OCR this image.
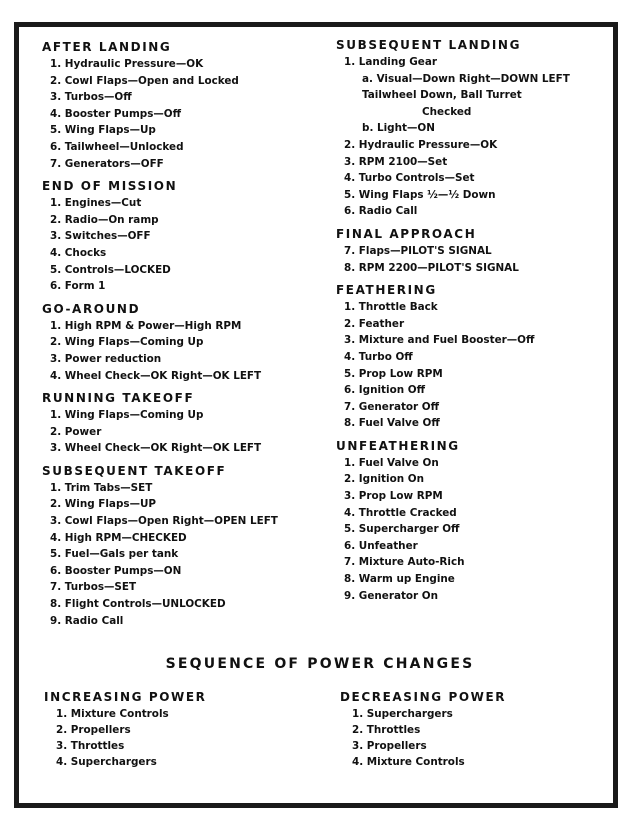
AFTER LANDING
1. Hydraulic Pressure—OK
2. Cowl Flaps—Open and Locked
3. Turbos—Off
4. Booster Pumps—Off
5. Wing Flaps—Up
6. Tailwheel—Unlocked
7. Generators—OFF
END OF MISSION
1. Engines—Cut
2. Radio—On ramp
3. Switches—OFF
4. Chocks
5. Controls—LOCKED
6. Form 1
GO-AROUND
1. High RPM & Power—High RPM
2. Wing Flaps—Coming Up
3. Power reduction
4. Wheel Check—OK Right—OK LEFT
RUNNING TAKEOFF
1. Wing Flaps—Coming Up
2. Power
3. Wheel Check—OK Right—OK LEFT
SUBSEQUENT TAKEOFF
1. Trim Tabs—SET
2. Wing Flaps—UP
3. Cowl Flaps—Open Right—OPEN LEFT
4. High RPM—CHECKED
5. Fuel—Gals per tank
6. Booster Pumps—ON
7. Turbos—SET
8. Flight Controls—UNLOCKED
9. Radio Call
SUBSEQUENT LANDING
1. Landing Gear
a. Visual—Down Right—DOWN LEFT
Tailwheel Down, Ball Turret
Checked
b. Light—ON
2. Hydraulic Pressure—OK
3. RPM 2100—Set
4. Turbo Controls—Set
5. Wing Flaps ½—½ Down
6. Radio Call
FINAL APPROACH
7. Flaps—PILOT'S SIGNAL
8. RPM 2200—PILOT'S SIGNAL
FEATHERING
1. Throttle Back
2. Feather
3. Mixture and Fuel Booster—Off
4. Turbo Off
5. Prop Low RPM
6. Ignition Off
7. Generator Off
8. Fuel Valve Off
UNFEATHERING
1. Fuel Valve On
2. Ignition On
3. Prop Low RPM
4. Throttle Cracked
5. Supercharger Off
6. Unfeather
7. Mixture Auto-Rich
8. Warm up Engine
9. Generator On
SEQUENCE OF POWER CHANGES
INCREASING POWER
1. Mixture Controls
2. Propellers
3. Throttles
4. Superchargers
DECREASING POWER
1. Superchargers
2. Throttles
3. Propellers
4. Mixture Controls
